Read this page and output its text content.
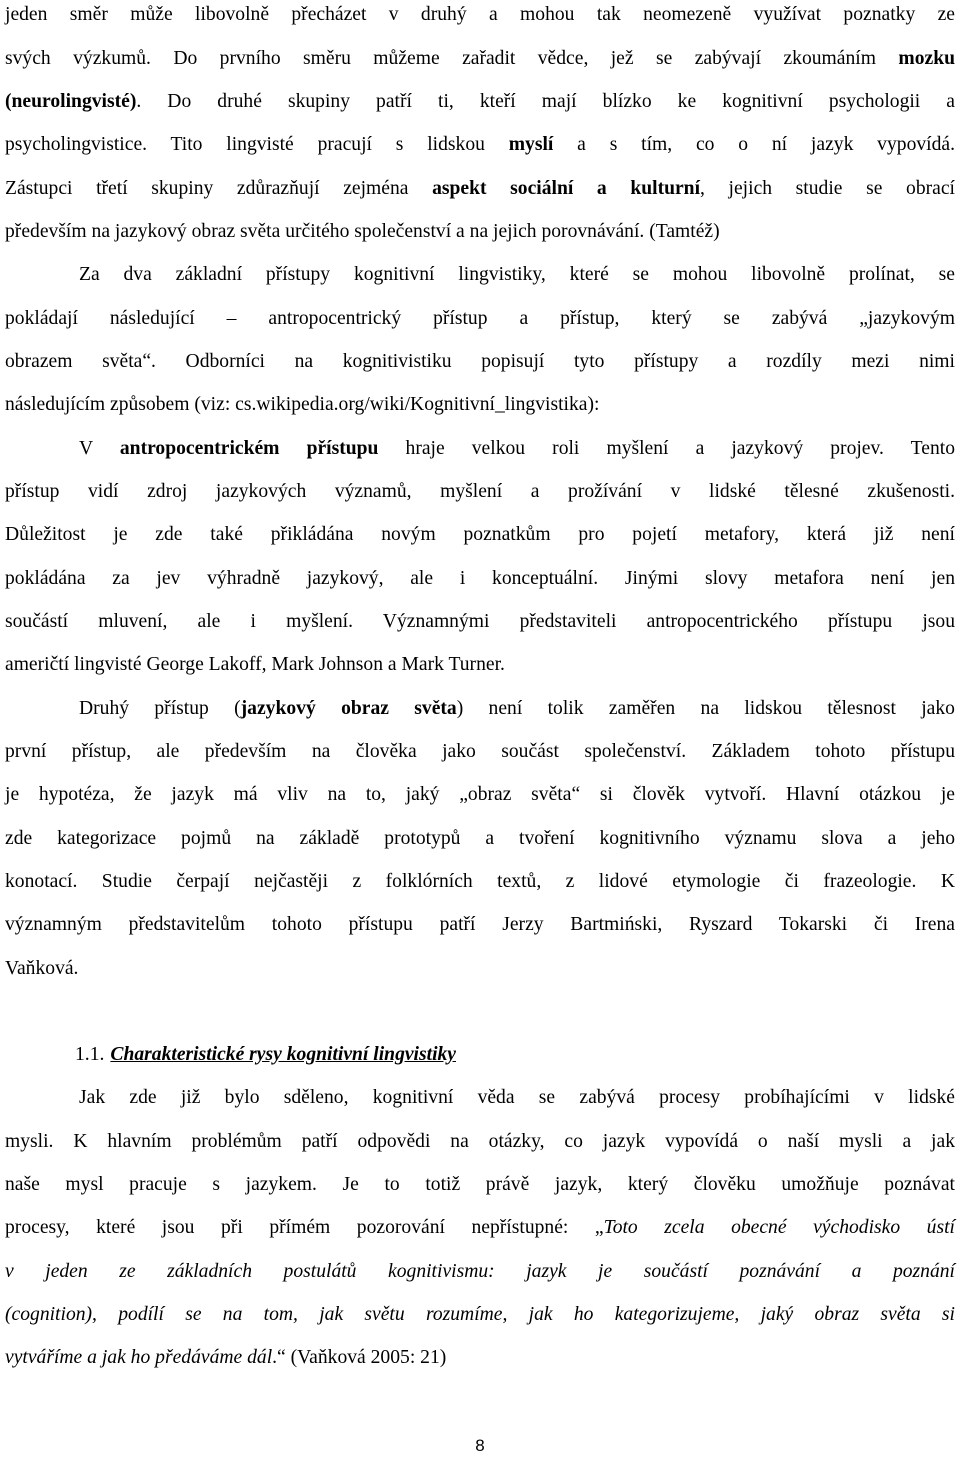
jeden směr může libovolně přecházet v druhý a mohou tak neomezeně využívat poznatky ze
svých výzkumů. Do prvního směru můžeme zařadit vědce, jež se zabývají zkoumáním mozku
(neurolingvisté). Do druhé skupiny patří ti, kteří mají blízko ke kognitivní psychologii a
psycholingvistice. Tito lingvisté pracují s lidskou myslí a s tím, co o ní jazyk vypovídá.
Zástupci třetí skupiny zdůrazňují zejména aspekt sociální a kulturní, jejich studie se obrací
především na jazykový obraz světa určitého společenství a na jejich porovnávání. (Tamtéž)
Za dva základní přístupy kognitivní lingvistiky, které se mohou libovolně prolínat, se
pokládají následující – antropocentrický přístup a přístup, který se zabývá „jazykovým
obrazem světa“. Odborníci na kognitivistiku popisují tyto přístupy a rozdíly mezi nimi
následujícím způsobem (viz: cs.wikipedia.org/wiki/Kognitivní_lingvistika):
V antropocentrickém přístupu hraje velkou roli myšlení a jazykový projev. Tento
přístup vidí zdroj jazykových významů, myšlení a prožívání v lidské tělesné zkušenosti.
Důležitost je zde také přikládána novým poznatkům pro pojetí metafory, která již není
pokládána za jev výhradně jazykový, ale i konceptuální. Jinými slovy metafora není jen
součástí mluvení, ale i myšlení. Významnými představiteli antropocentrického přístupu jsou
američtí lingvisté George Lakoff, Mark Johnson a Mark Turner.
Druhý přístup (jazykový obraz světa) není tolik zaměřen na lidskou tělesnost jako
první přístup, ale především na člověka jako součást společenství. Základem tohoto přístupu
je hypotéza, že jazyk má vliv na to, jaký „obraz světa“ si člověk vytvoří. Hlavní otázkou je
zde kategorizace pojmů na základě prototypů a tvoření kognitivního významu slova a jeho
konotací. Studie čerpají nejčastěji z folklórních textů, z lidové etymologie či frazeologie. K
významným představitelům tohoto přístupu patří Jerzy Bartmiński, Ryszard Tokarski či Irena
Vaňková.
1.1. Charakteristické rysy kognitivní lingvistiky
Jak zde již bylo sděleno, kognitivní věda se zabývá procesy probíhajícími v lidské
mysli. K hlavním problémům patří odpovědi na otázky, co jazyk vypovídá o naší mysli a jak
naše mysl pracuje s jazykem. Je to totiž právě jazyk, který člověku umožňuje poznávat
procesy, které jsou při přímém pozorování nepřístupné: „Toto zcela obecné východisko ústí
v jeden ze základních postulátů kognitivismu: jazyk je součástí poznávání a poznání
(cognition), podílí se na tom, jak světu rozumíme, jak ho kategorizujeme, jaký obraz světa si
vytváříme a jak ho předáváme dál.“ (Vaňková 2005: 21)
8
